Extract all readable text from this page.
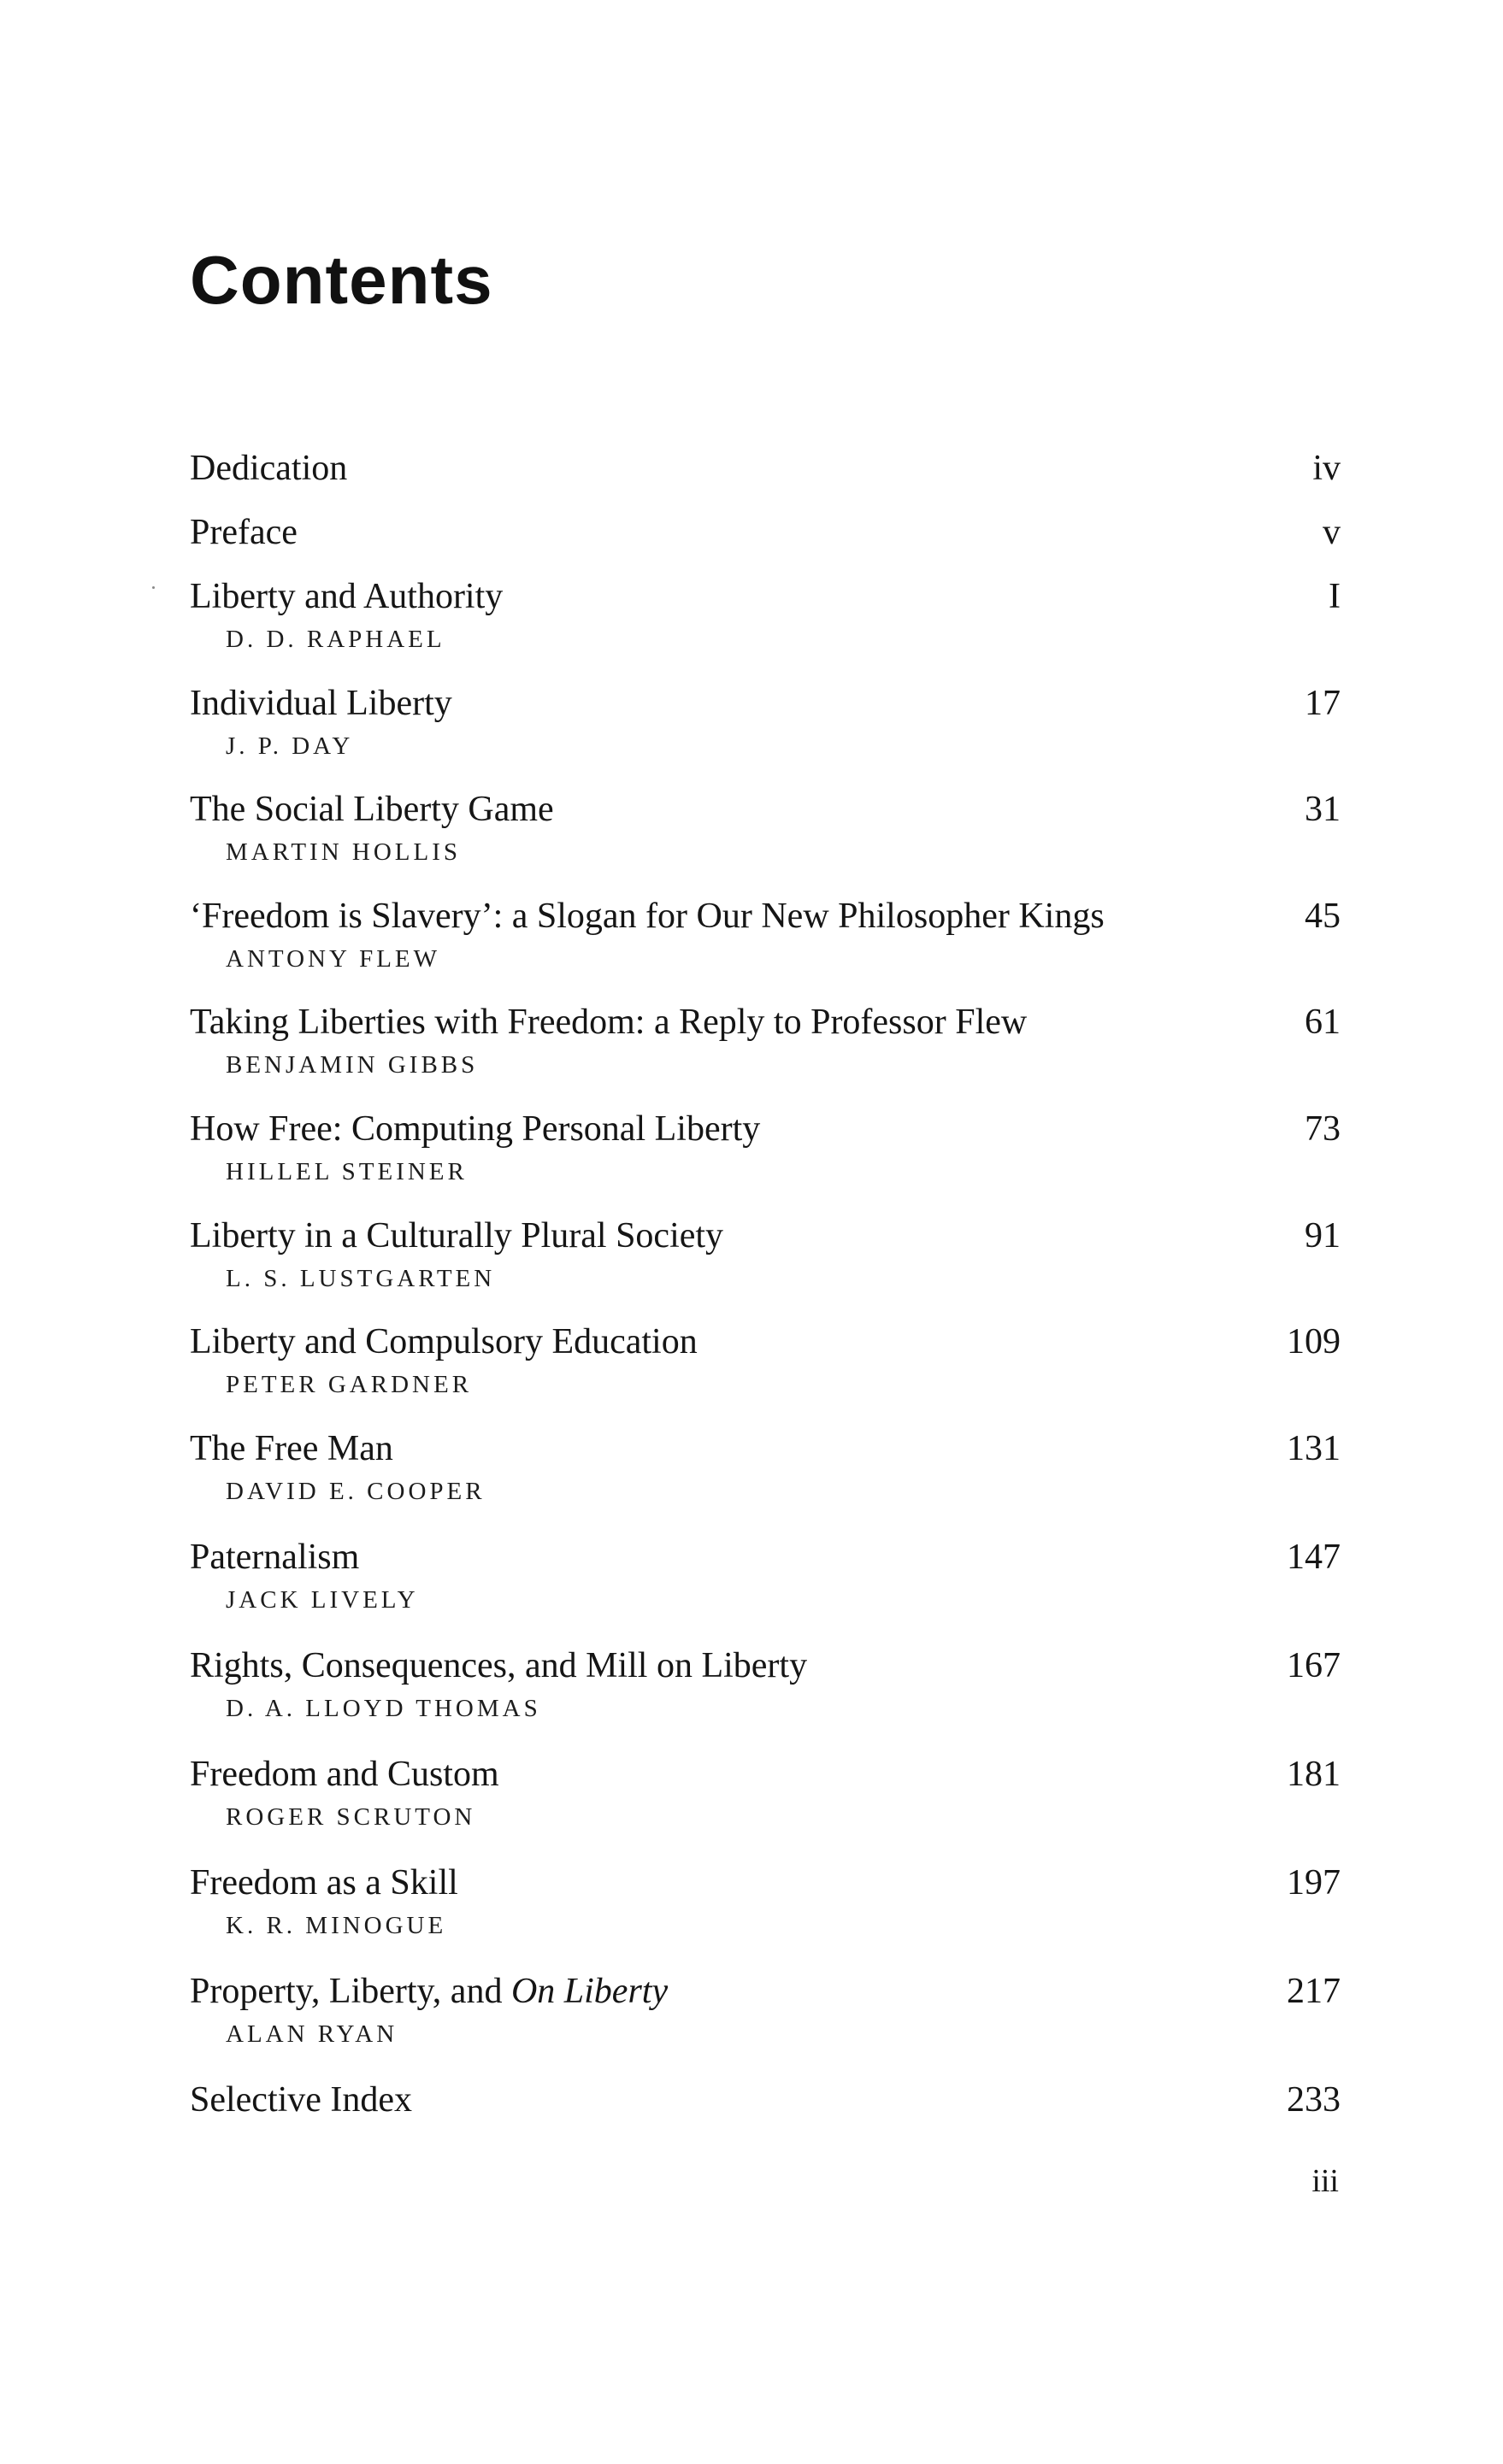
Contents
Dedication	iv
Preface	v
Liberty and Authority	I
D. D. RAPHAEL
Individual Liberty	17
J. P. DAY
The Social Liberty Game	31
MARTIN HOLLIS
‘Freedom is Slavery’: a Slogan for Our New Philosopher Kings	45
ANTONY FLEW
Taking Liberties with Freedom: a Reply to Professor Flew	61
BENJAMIN GIBBS
How Free: Computing Personal Liberty	73
HILLEL STEINER
Liberty in a Culturally Plural Society	91
L. S. LUSTGARTEN
Liberty and Compulsory Education	109
PETER GARDNER
The Free Man	131
DAVID E. COOPER
Paternalism	147
JACK LIVELY
Rights, Consequences, and Mill on Liberty	167
D. A. LLOYD THOMAS
Freedom and Custom	181
ROGER SCRUTON
Freedom as a Skill	197
K. R. MINOGUE
Property, Liberty, and On Liberty	217
ALAN RYAN
Selective Index	233
iii
